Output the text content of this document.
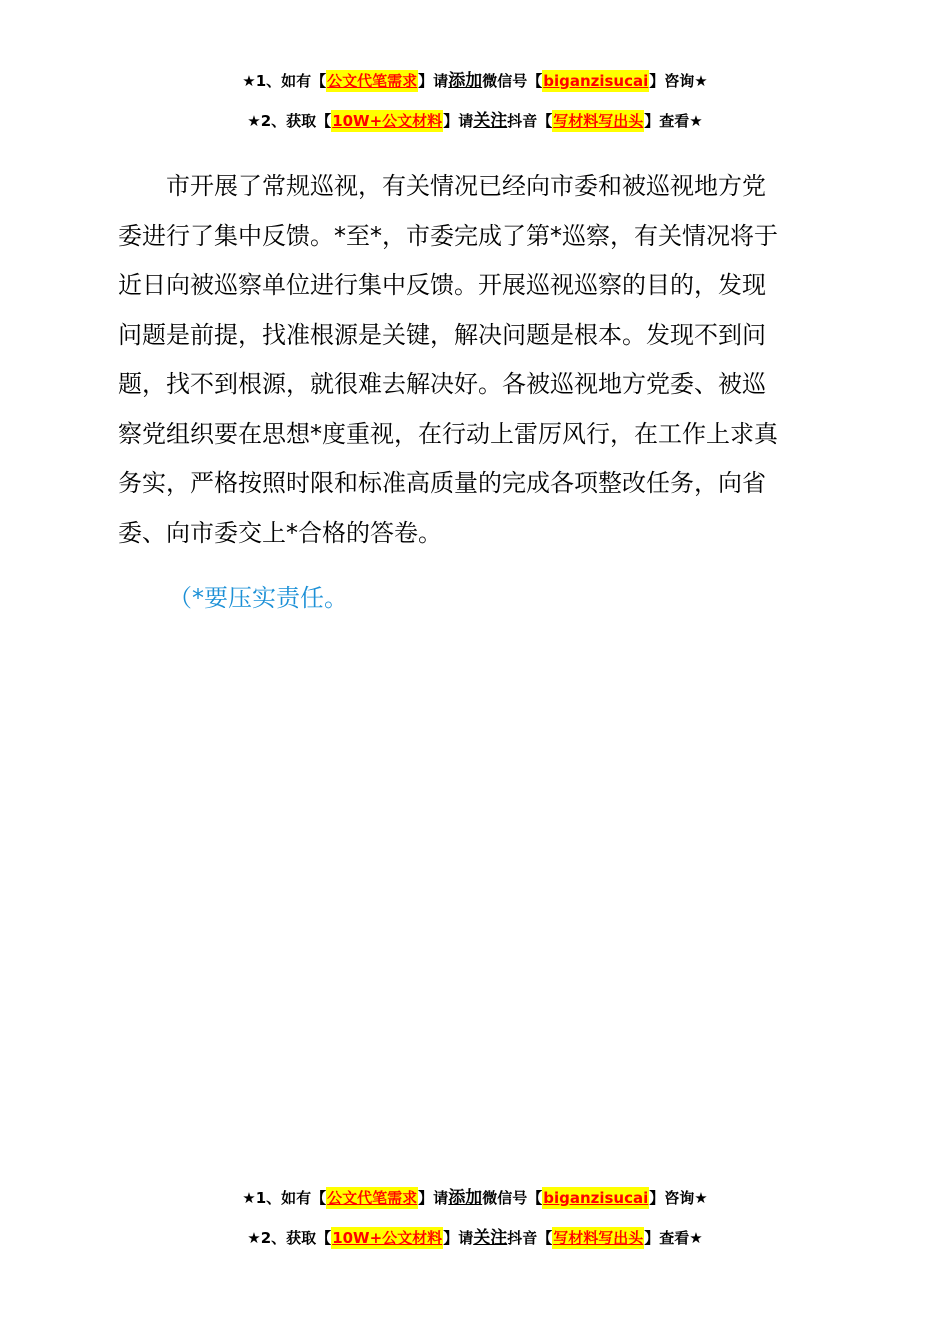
★1、如有【公文代笔需求】请添加微信号【biganzisucai】咨询★
★2、获取【10W+公文材料】请关注抖音【写材料写出头】查看★
　　市开展了常规巡视，有关情况已经向市委和被巡视地方党
委进行了集中反馈。*至*，市委完成了第*巡察，有关情况将于
近日向被巡察单位进行集中反馈。开展巡视巡察的目的，发现
问题是前提，找准根源是关键，解决问题是根本。发现不到问
题，找不到根源，就很难去解决好。各被巡视地方党委、被巡
察党组织要在思想*度重视，在行动上雷厉风行，在工作上求真
务实，严格按照时限和标准高质量的完成各项整改任务，向省
委、向市委交上*合格的答卷。
（*要压实责任。
★1、如有【公文代笔需求】请添加微信号【biganzisucai】咨询★
★2、获取【10W+公文材料】请关注抖音【写材料写出头】查看★
